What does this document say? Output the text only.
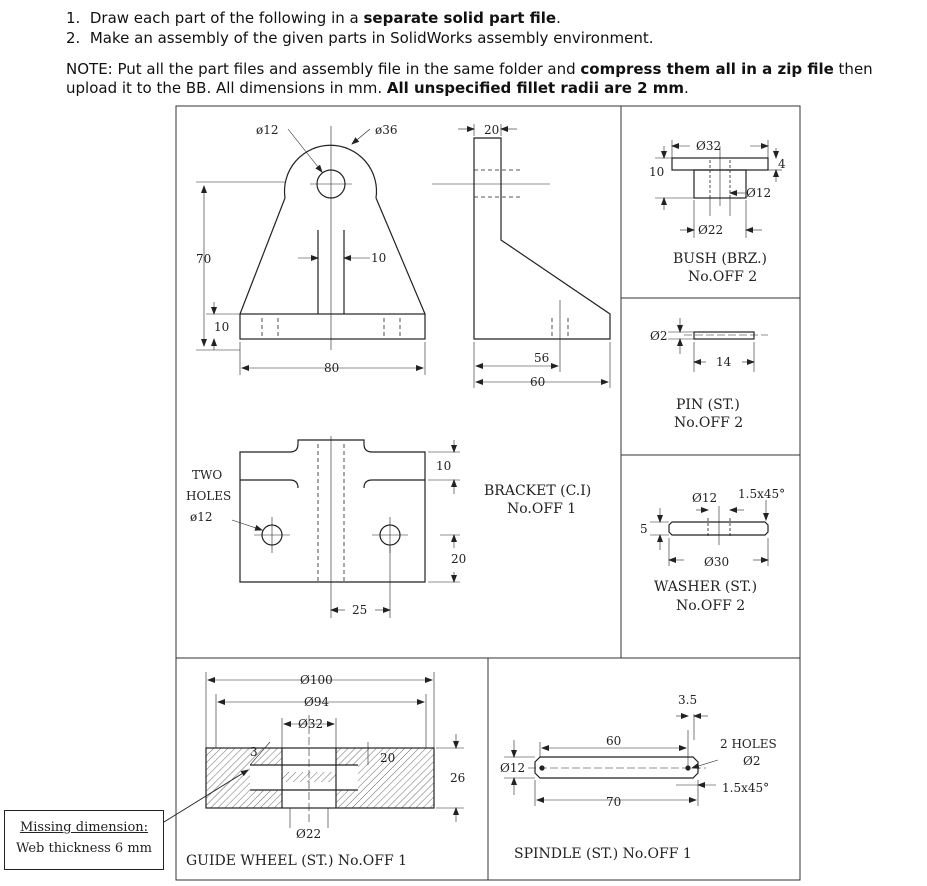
1. Draw each part of the following in a separate solid part file.
2. Make an assembly of the given parts in SolidWorks assembly environment.
NOTE: Put all the part files and assembly file in the same folder and compress them all in a zip file then upload it to the BB. All dimensions in mm. All unspecified fillet radii are 2 mm.
ø12	ø36
70
10
10
80
20
56
60
10
20
25
TWO
HOLES
ø12
BRACKET (C.I)
No.OFF 1
Ø32
4
10
Ø12
Ø22
BUSH (BRZ.)
No.OFF 2
Ø2
14
PIN (ST.)
No.OFF 2
Ø12 1.5x45°
5
Ø30
WASHER (ST.)
No.OFF 2
Ø100
Ø94
Ø32
3	20
26
Ø22
GUIDE WHEEL (ST.) No.OFF 1
Ø12
60
70
3.5
2 HOLES
Ø2
1.5x45°
SPINDLE (ST.) No.OFF 1
Missing dimension:
Web thickness 6 mm
